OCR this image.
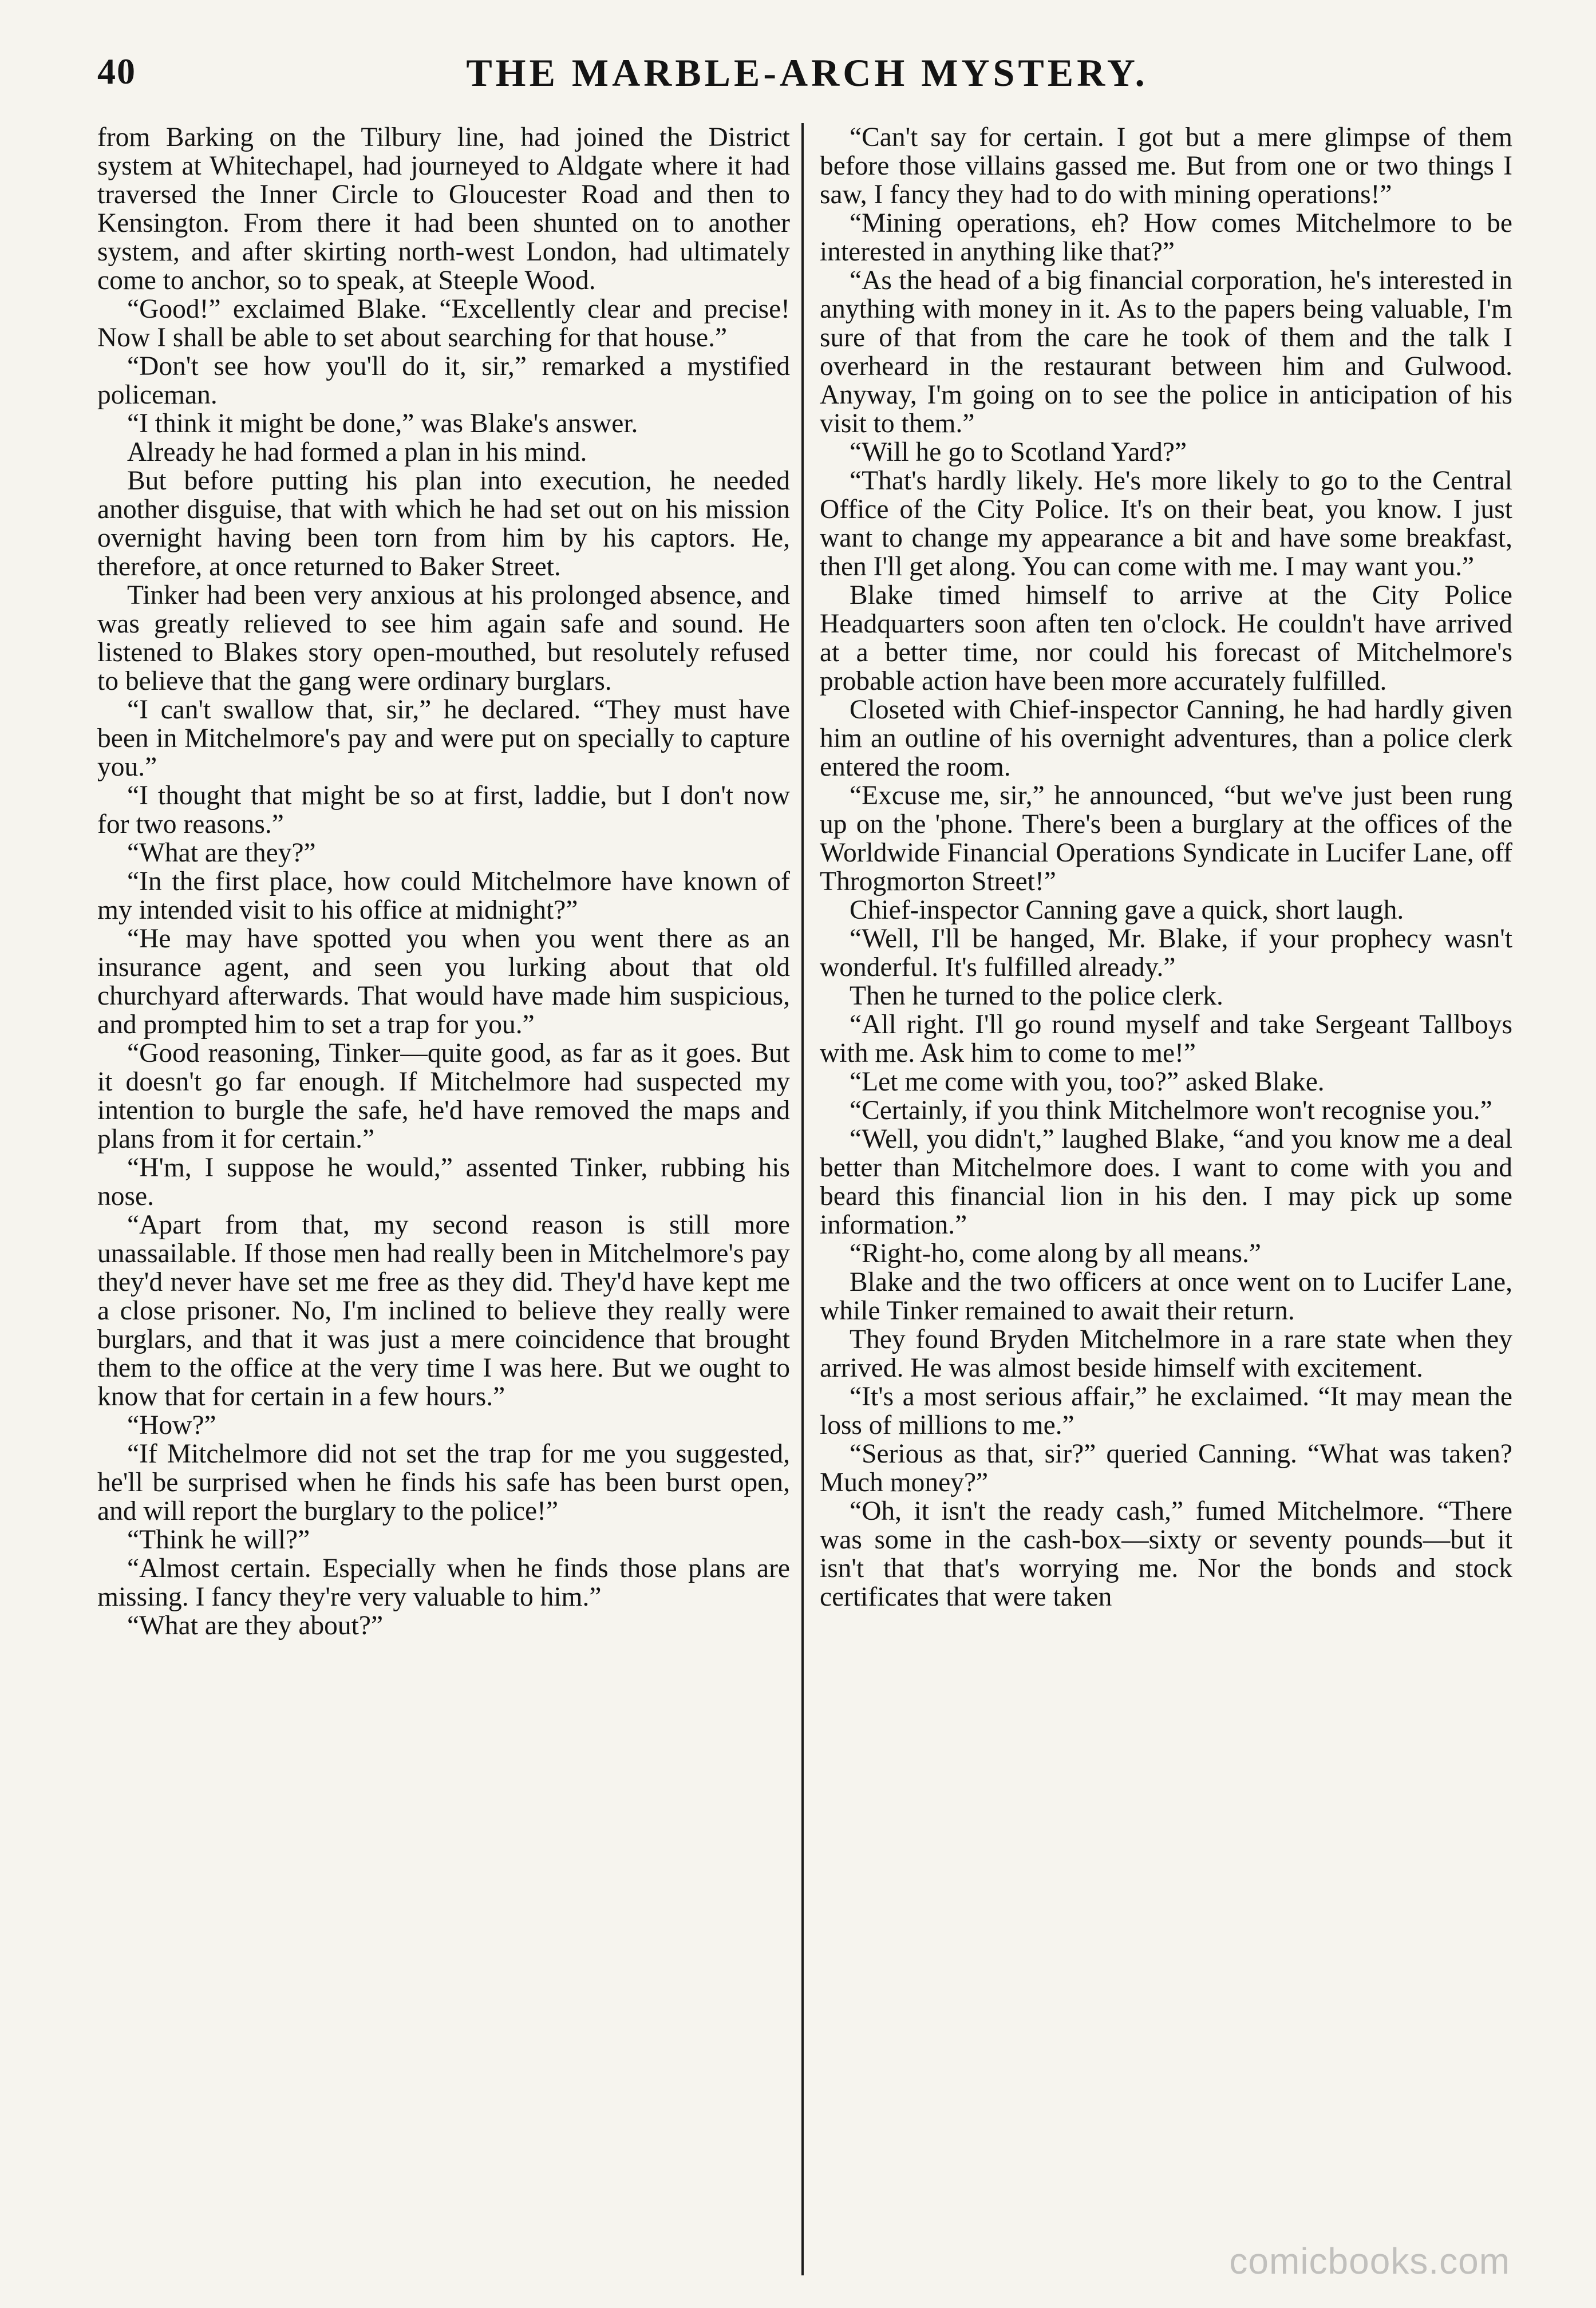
40	THE MARBLE-ARCH MYSTERY.

from Barking on the Tilbury line, had joined the District system at Whitechapel, had journeyed to Aldgate where it had traversed the Inner Circle to Gloucester Road and then to Kensington. From there it had been shunted on to another system, and after skirting north-west London, had ultimately come to anchor, so to speak, at Steeple Wood.

“Good!” exclaimed Blake. “Excellently clear and precise! Now I shall be able to set about searching for that house.”

“Don't see how you'll do it, sir,” remarked a mystified policeman.

“I think it might be done,” was Blake's answer.

Already he had formed a plan in his mind.

But before putting his plan into execution, he needed another disguise, that with which he had set out on his mission overnight having been torn from him by his captors. He, therefore, at once returned to Baker Street.

Tinker had been very anxious at his prolonged absence, and was greatly relieved to see him again safe and sound. He listened to Blakes story open-mouthed, but resolutely refused to believe that the gang were ordinary burglars.

“I can't swallow that, sir,” he declared. “They must have been in Mitchelmore's pay and were put on specially to capture you.”

“I thought that might be so at first, laddie, but I don't now for two reasons.”

“What are they?”

“In the first place, how could Mitchelmore have known of my intended visit to his office at midnight?”

“He may have spotted you when you went there as an insurance agent, and seen you lurking about that old churchyard afterwards. That would have made him suspicious, and prompted him to set a trap for you.”

“Good reasoning, Tinker—quite good, as far as it goes. But it doesn't go far enough. If Mitchelmore had suspected my intention to burgle the safe, he'd have removed the maps and plans from it for certain.”

“H'm, I suppose he would,” assented Tinker, rubbing his nose.

“Apart from that, my second reason is still more unassailable. If those men had really been in Mitchelmore's pay they'd never have set me free as they did. They'd have kept me a close prisoner. No, I'm inclined to believe they really were burglars, and that it was just a mere coincidence that brought them to the office at the very time I was here. But we ought to know that for certain in a few hours.”

“How?”

“If Mitchelmore did not set the trap for me you suggested, he'll be surprised when he finds his safe has been burst open, and will report the burglary to the police!”

“Think he will?”

“Almost certain. Especially when he finds those plans are missing. I fancy they're very valuable to him.”

“What are they about?”

“Can't say for certain. I got but a mere glimpse of them before those villains gassed me. But from one or two things I saw, I fancy they had to do with mining operations!”

“Mining operations, eh? How comes Mitchelmore to be interested in anything like that?”

“As the head of a big financial corporation, he's interested in anything with money in it. As to the papers being valuable, I'm sure of that from the care he took of them and the talk I overheard in the restaurant between him and Gulwood. Anyway, I'm going on to see the police in anticipation of his visit to them.”

“Will he go to Scotland Yard?”

“That's hardly likely. He's more likely to go to the Central Office of the City Police. It's on their beat, you know. I just want to change my appearance a bit and have some breakfast, then I'll get along. You can come with me. I may want you.”

Blake timed himself to arrive at the City Police Headquarters soon aften ten o'clock. He couldn't have arrived at a better time, nor could his forecast of Mitchelmore's probable action have been more accurately fulfilled.

Closeted with Chief-inspector Canning, he had hardly given him an outline of his overnight adventures, than a police clerk entered the room.

“Excuse me, sir,” he announced, “but we've just been rung up on the 'phone. There's been a burglary at the offices of the Worldwide Financial Operations Syndicate in Lucifer Lane, off Throgmorton Street!”

Chief-inspector Canning gave a quick, short laugh.

“Well, I'll be hanged, Mr. Blake, if your prophecy wasn't wonderful. It's fulfilled already.”

Then he turned to the police clerk.

“All right. I'll go round myself and take Sergeant Tallboys with me. Ask him to come to me!”

“Let me come with you, too?” asked Blake.

“Certainly, if you think Mitchelmore won't recognise you.”

“Well, you didn't,” laughed Blake, “and you know me a deal better than Mitchelmore does. I want to come with you and beard this financial lion in his den. I may pick up some information.”

“Right-ho, come along by all means.”

Blake and the two officers at once went on to Lucifer Lane, while Tinker remained to await their return.

They found Bryden Mitchelmore in a rare state when they arrived. He was almost beside himself with excitement.

“It's a most serious affair,” he exclaimed. “It may mean the loss of millions to me.”

“Serious as that, sir?” queried Canning. “What was taken? Much money?”

“Oh, it isn't the ready cash,” fumed Mitchelmore. “There was some in the cash-box—sixty or seventy pounds—but it isn't that that's worrying me. Nor the bonds and stock certificates that were taken

comicbooks.com
